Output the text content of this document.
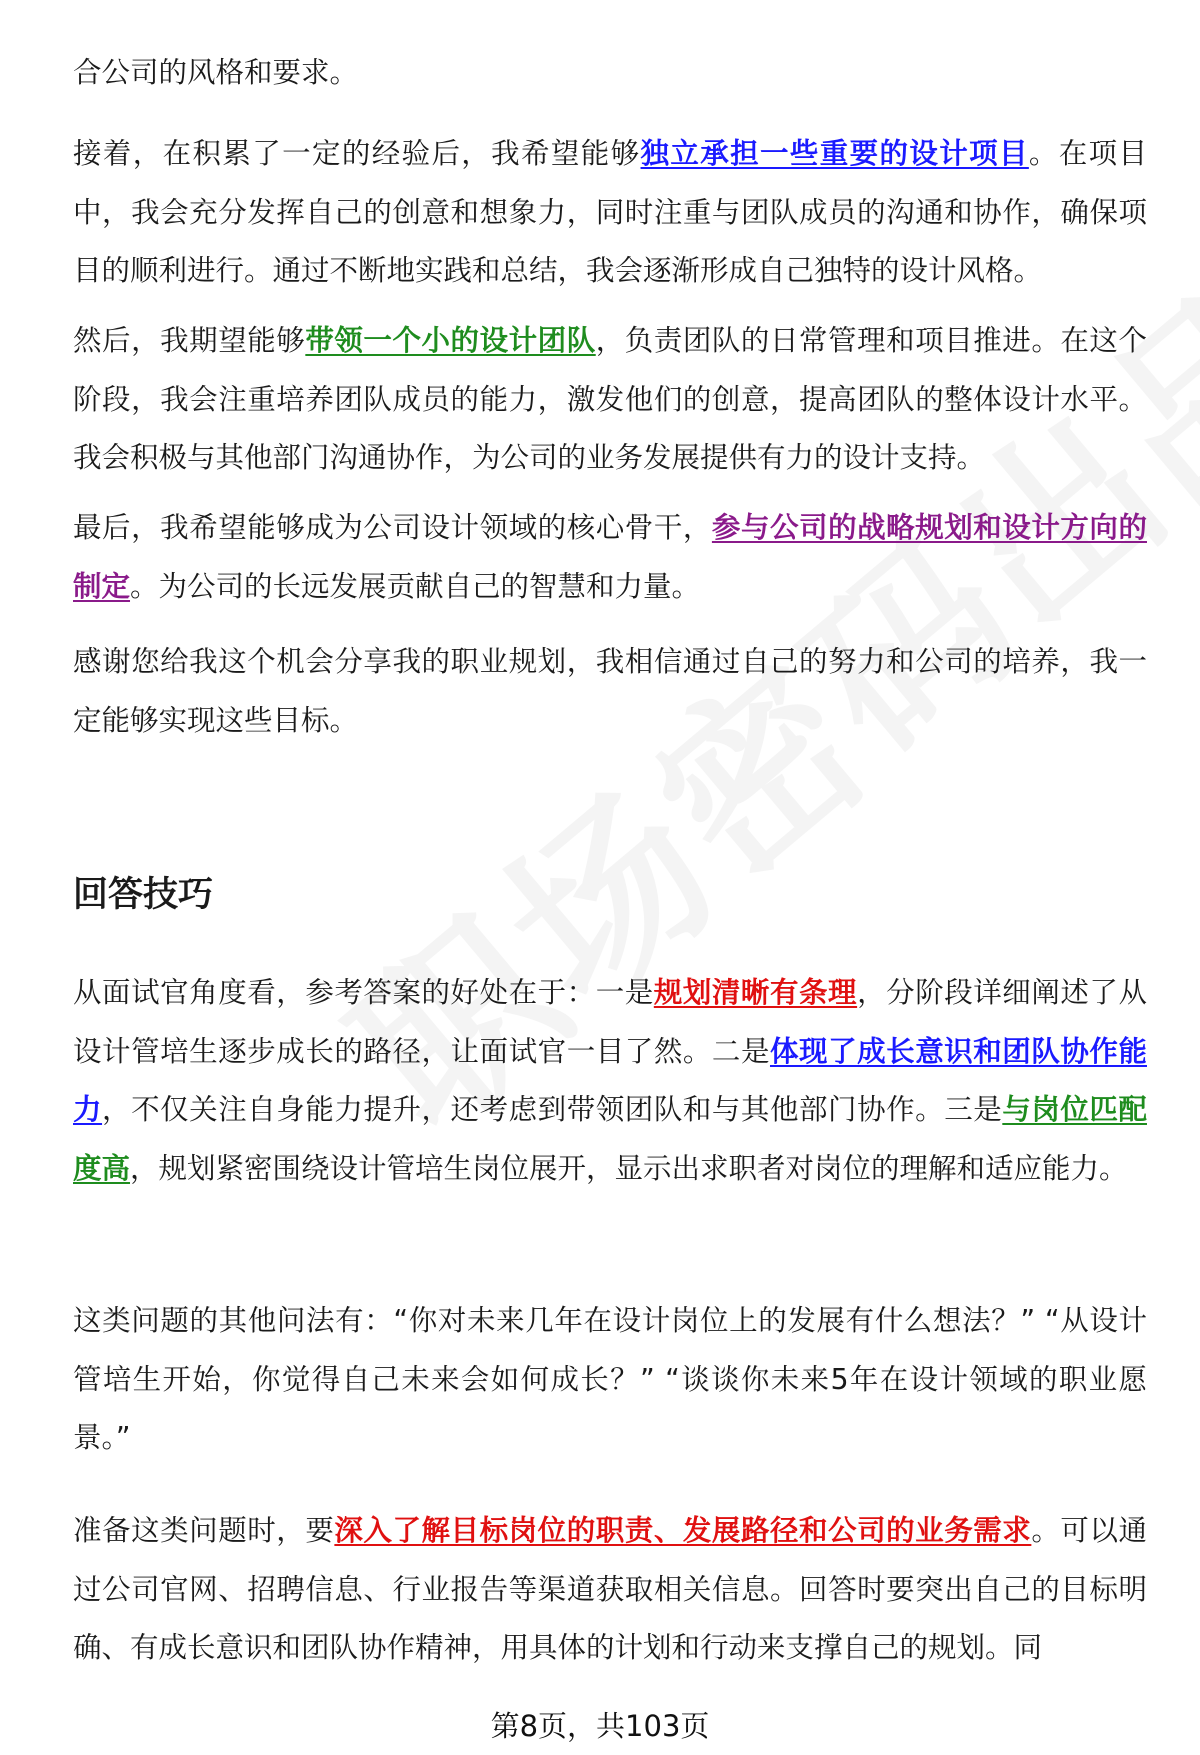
合公司的风格和要求。
接着，在积累了一定的经验后，我希望能够独立承担一些重要的设计项目。在项目中，我会充分发挥自己的创意和想象力，同时注重与团队成员的沟通和协作，确保项目的顺利进行。通过不断地实践和总结，我会逐渐形成自己独特的设计风格。
然后，我期望能够带领一个小的设计团队，负责团队的日常管理和项目推进。在这个阶段，我会注重培养团队成员的能力，激发他们的创意，提高团队的整体设计水平。我会积极与其他部门沟通协作，为公司的业务发展提供有力的设计支持。
最后，我希望能够成为公司设计领域的核心骨干，参与公司的战略规划和设计方向的制定。为公司的长远发展贡献自己的智慧和力量。
感谢您给我这个机会分享我的职业规划，我相信通过自己的努力和公司的培养，我一定能够实现这些目标。
回答技巧
从面试官角度看，参考答案的好处在于：一是规划清晰有条理，分阶段详细阐述了从设计管培生逐步成长的路径，让面试官一目了然。二是体现了成长意识和团队协作能力，不仅关注自身能力提升，还考虑到带领团队和与其他部门协作。三是与岗位匹配度高，规划紧密围绕设计管培生岗位展开，显示出求职者对岗位的理解和适应能力。
这类问题的其他问法有：“你对未来几年在设计岗位上的发展有什么想法？” “从设计管培生开始，你觉得自己未来会如何成长？” “谈谈你未来5年在设计领域的职业愿景。”
准备这类问题时，要深入了解目标岗位的职责、发展路径和公司的业务需求。可以通过公司官网、招聘信息、行业报告等渠道获取相关信息。回答时要突出自己的目标明确、有成长意识和团队协作精神，用具体的计划和行动来支撑自己的规划。同
第8页，共103页
